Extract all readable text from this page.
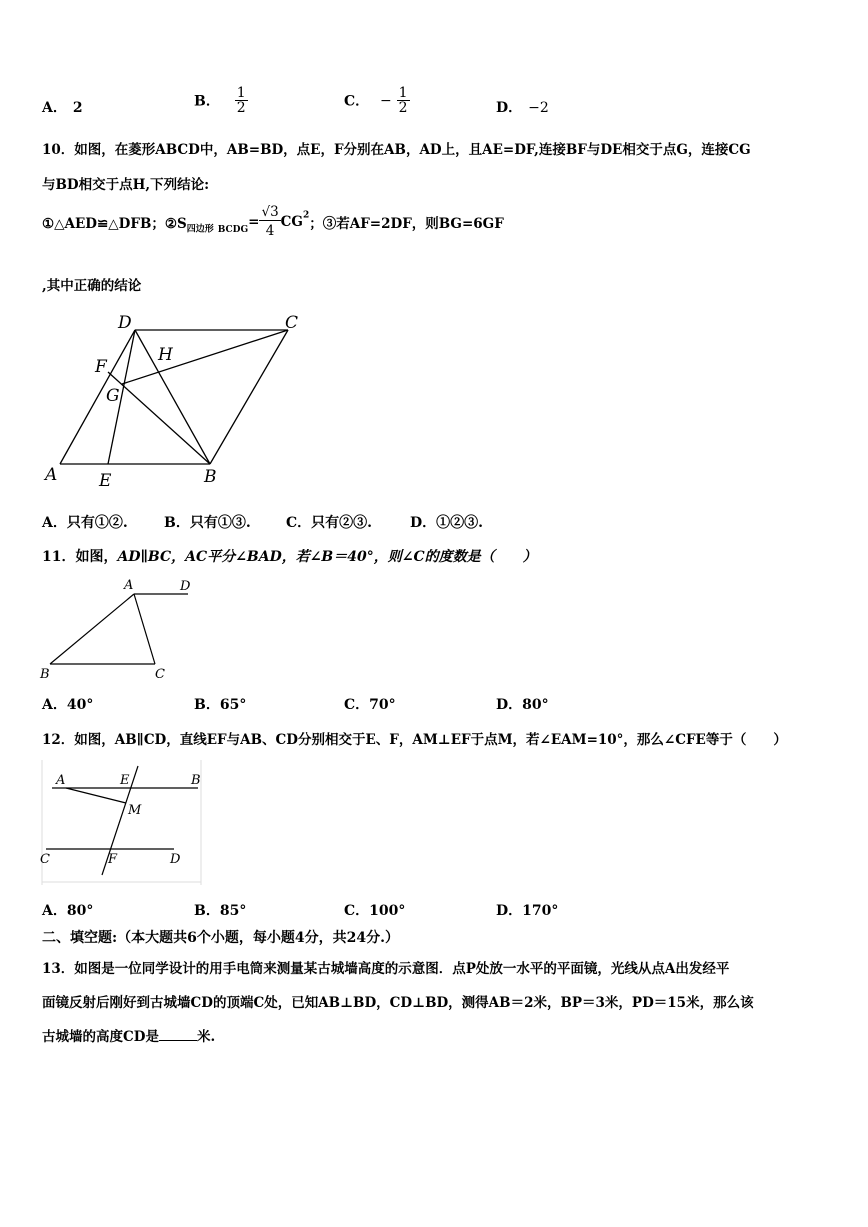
A． 2	B． $\frac{1}{2}$	C． − $\frac{1}{2}$	D． −2
10．如图，在菱形ABCD中，AB=BD，点E，F分别在AB，AD上，且AE=DF,连接BF与DE相交于点G，连接CG
与BD相交于点H,下列结论:
①△AED≌△DFB；$②S_{四边形}$ $_{BCDG}= \frac{√3}{4} CG^2$；③若AF=2DF，则BG=6GF
,其中正确的结论
D	C
H
F
G
A E	B
A．只有①②.	B．只有①③.	C．只有②③.	D．①②③.
11．如图，AD∥BC，AC平分∠BAD，若∠B＝40°，则∠C的度数是（　　）
A	D
B	C
A．40°	B．65°	C．70°	D．80°
12．如图，AB∥CD，直线EF与AB、CD分别相交于E、F，AM⊥EF于点M，若∠EAM=10°，那么∠CFE等于（　　）
A	E	B
M
C	F	D
A．80°	B．85°	C．100°	D．170°
二、填空题:（本大题共6个小题，每小题4分，共24分.）
13．如图是一位同学设计的用手电筒来测量某古城墙高度的示意图．点P处放一水平的平面镜，光线从点A出发经平
面镜反射后刚好到古城墙CD的顶端C处，已知AB⊥BD，CD⊥BD，测得AB＝2米，BP＝3米，PD＝15米，那么该
古城墙的高度CD是	米.
